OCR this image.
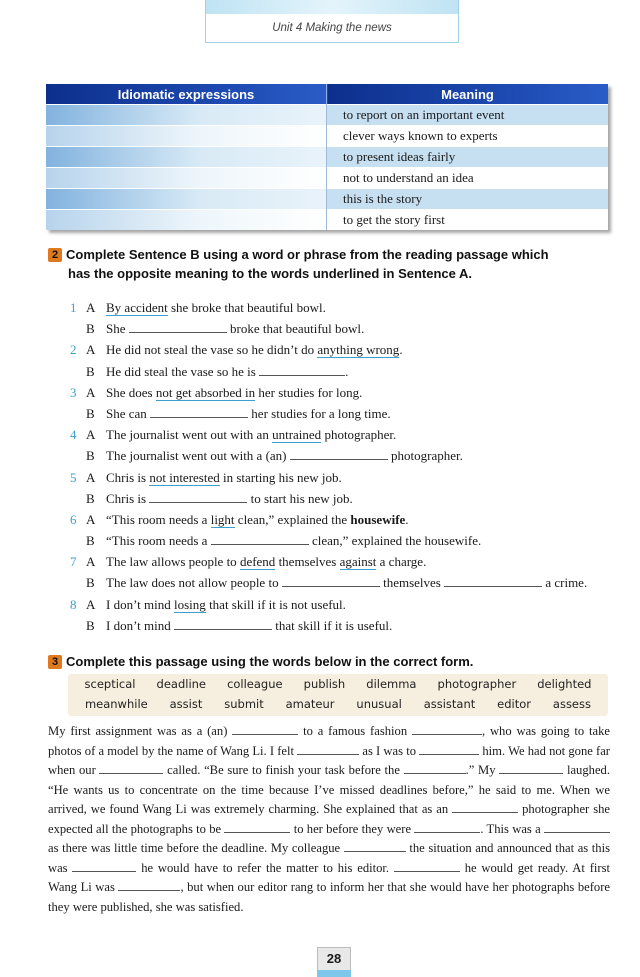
Unit 4 Making the news
Idiomatic expressions	Meaning
	to report on an important event
	clever ways known to experts
	to present ideas fairly
	not to understand an idea
	this is the story
	to get the story first
2 Complete Sentence B using a word or phrase from the reading passage which
has the opposite meaning to the words underlined in Sentence A.
1 A By accident she broke that beautiful bowl.
B She	broke that beautiful bowl.
2 A He did not steal the vase so he didn’t do anything wrong.
B He did steal the vase so he is	.
3 A She does not get absorbed in her studies for long.
B She can	her studies for a long time.
4 A The journalist went out with an untrained photographer.
B The journalist went out with a (an)	photographer.
5 A Chris is not interested in starting his new job.
B Chris is	to start his new job.
6 A “This room needs a light clean,” explained the housewife.
B “This room needs a	clean,” explained the housewife.
7 A The law allows people to defend themselves against a charge.
B The law does not allow people to	themselves	a crime.
8 A I don’t mind losing that skill if it is not useful.
B I don’t mind	that skill if it is useful.
3 Complete this passage using the words below in the correct form.
sceptical deadline colleague publish dilemma photographer delighted
meanwhile assist submit amateur unusual assistant editor assess
My first assignment was as a (an)	to a famous fashion	, who was going to take photos of a model by the name of Wang Li. I felt	as I was to	him. We had not gone far when our	called. “Be sure to finish your task before the	.” My	laughed. “He wants us to concentrate on the time because I’ve missed deadlines before,” he said to me. When we arrived, we found Wang Li was extremely charming. She explained that as an	photographer she expected all the photographs to be	to her before they were	. This was a  as there was little time before the deadline. My colleague	the situation and announced that as this was	he would have to refer the matter to his editor.	he would get ready. At first Wang Li was	, but when our editor rang to inform her that she would have her photographs before they were published, she was satisfied.
28
